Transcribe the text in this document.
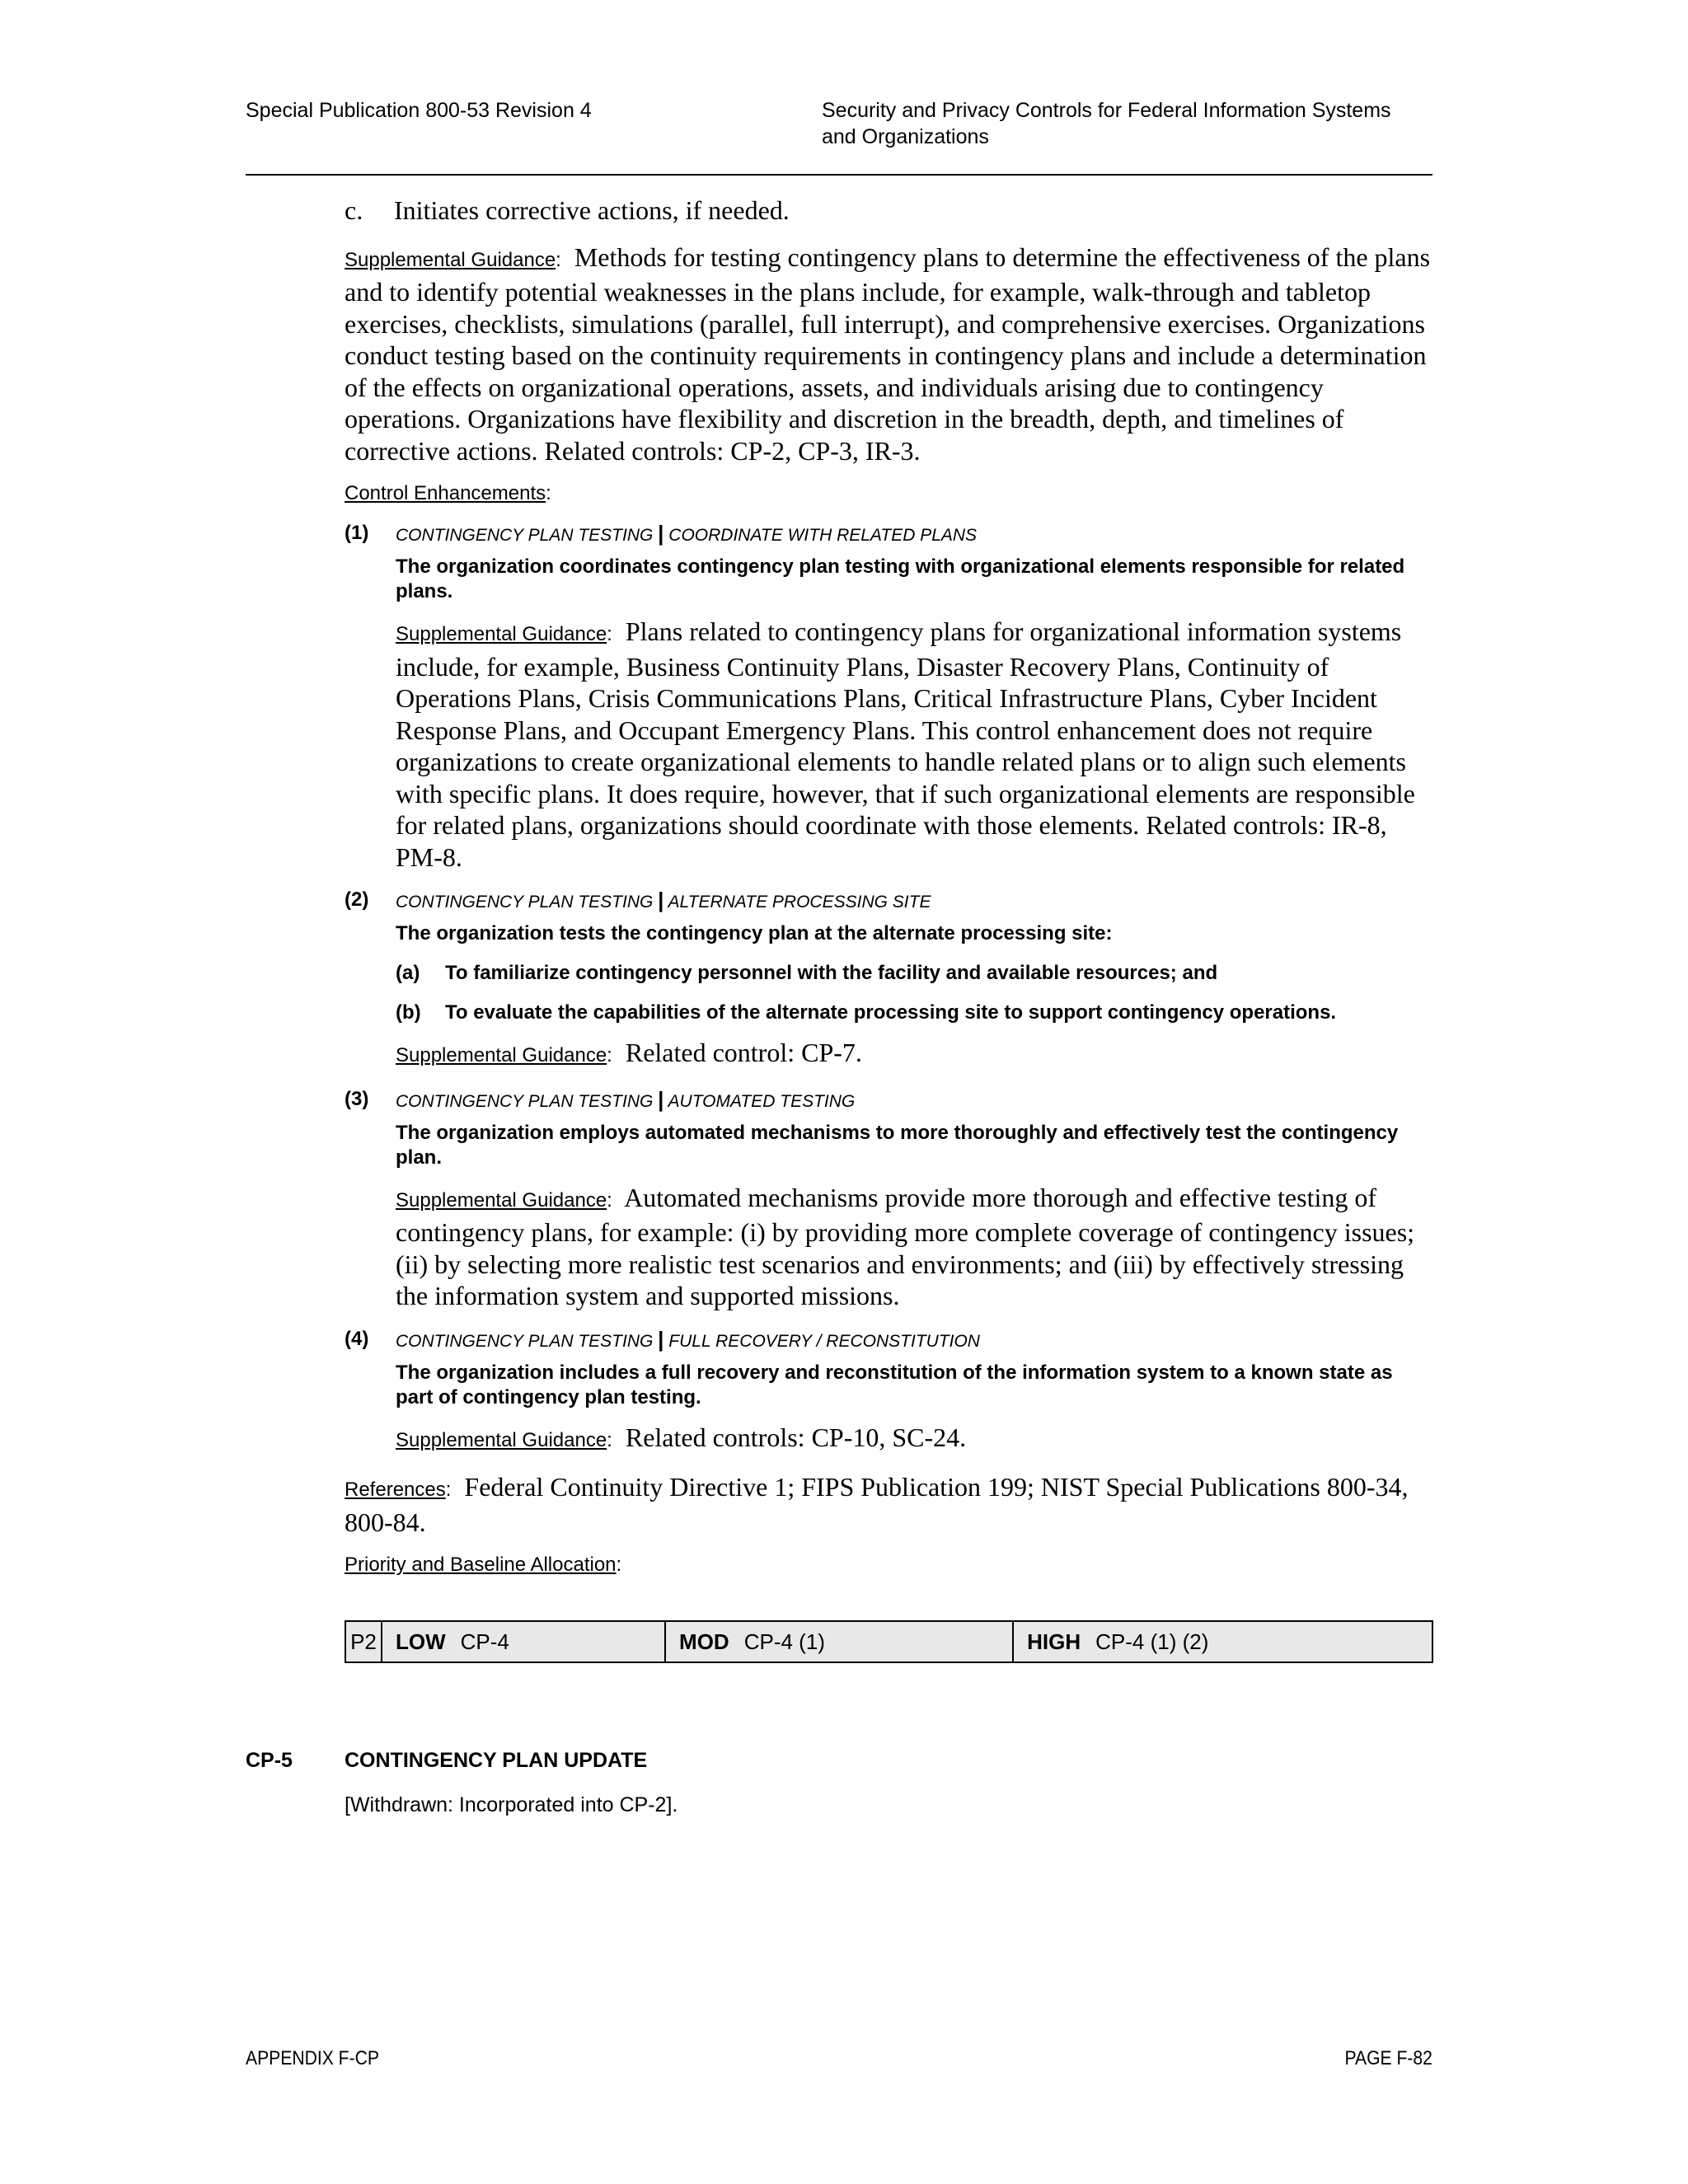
Special Publication 800-53 Revision 4	Security and Privacy Controls for Federal Information Systems
and Organizations
c.	Initiates corrective actions, if needed.
Supplemental Guidance: Methods for testing contingency plans to determine the effectiveness of the plans and to identify potential weaknesses in the plans include, for example, walk-through and tabletop exercises, checklists, simulations (parallel, full interrupt), and comprehensive exercises. Organizations conduct testing based on the continuity requirements in contingency plans and include a determination of the effects on organizational operations, assets, and individuals arising due to contingency operations. Organizations have flexibility and discretion in the breadth, depth, and timelines of corrective actions. Related controls: CP-2, CP-3, IR-3.
Control Enhancements:
(1) CONTINGENCY PLAN TESTING | COORDINATE WITH RELATED PLANS
The organization coordinates contingency plan testing with organizational elements responsible for related plans.
Supplemental Guidance: Plans related to contingency plans for organizational information systems include, for example, Business Continuity Plans, Disaster Recovery Plans, Continuity of Operations Plans, Crisis Communications Plans, Critical Infrastructure Plans, Cyber Incident Response Plans, and Occupant Emergency Plans. This control enhancement does not require organizations to create organizational elements to handle related plans or to align such elements with specific plans. It does require, however, that if such organizational elements are responsible for related plans, organizations should coordinate with those elements. Related controls: IR-8, PM-8.
(2) CONTINGENCY PLAN TESTING | ALTERNATE PROCESSING SITE
The organization tests the contingency plan at the alternate processing site:
(a) To familiarize contingency personnel with the facility and available resources; and
(b) To evaluate the capabilities of the alternate processing site to support contingency operations.
Supplemental Guidance: Related control: CP-7.
(3) CONTINGENCY PLAN TESTING | AUTOMATED TESTING
The organization employs automated mechanisms to more thoroughly and effectively test the contingency plan.
Supplemental Guidance: Automated mechanisms provide more thorough and effective testing of contingency plans, for example: (i) by providing more complete coverage of contingency issues; (ii) by selecting more realistic test scenarios and environments; and (iii) by effectively stressing the information system and supported missions.
(4) CONTINGENCY PLAN TESTING | FULL RECOVERY / RECONSTITUTION
The organization includes a full recovery and reconstitution of the information system to a known state as part of contingency plan testing.
Supplemental Guidance: Related controls: CP-10, SC-24.
References: Federal Continuity Directive 1; FIPS Publication 199; NIST Special Publications 800-34, 800-84.
Priority and Baseline Allocation:
P2	LOW CP-4	MOD CP-4 (1)	HIGH CP-4 (1) (2)
CP-5	CONTINGENCY PLAN UPDATE
[Withdrawn: Incorporated into CP-2].
APPENDIX F-CP	PAGE F-82
